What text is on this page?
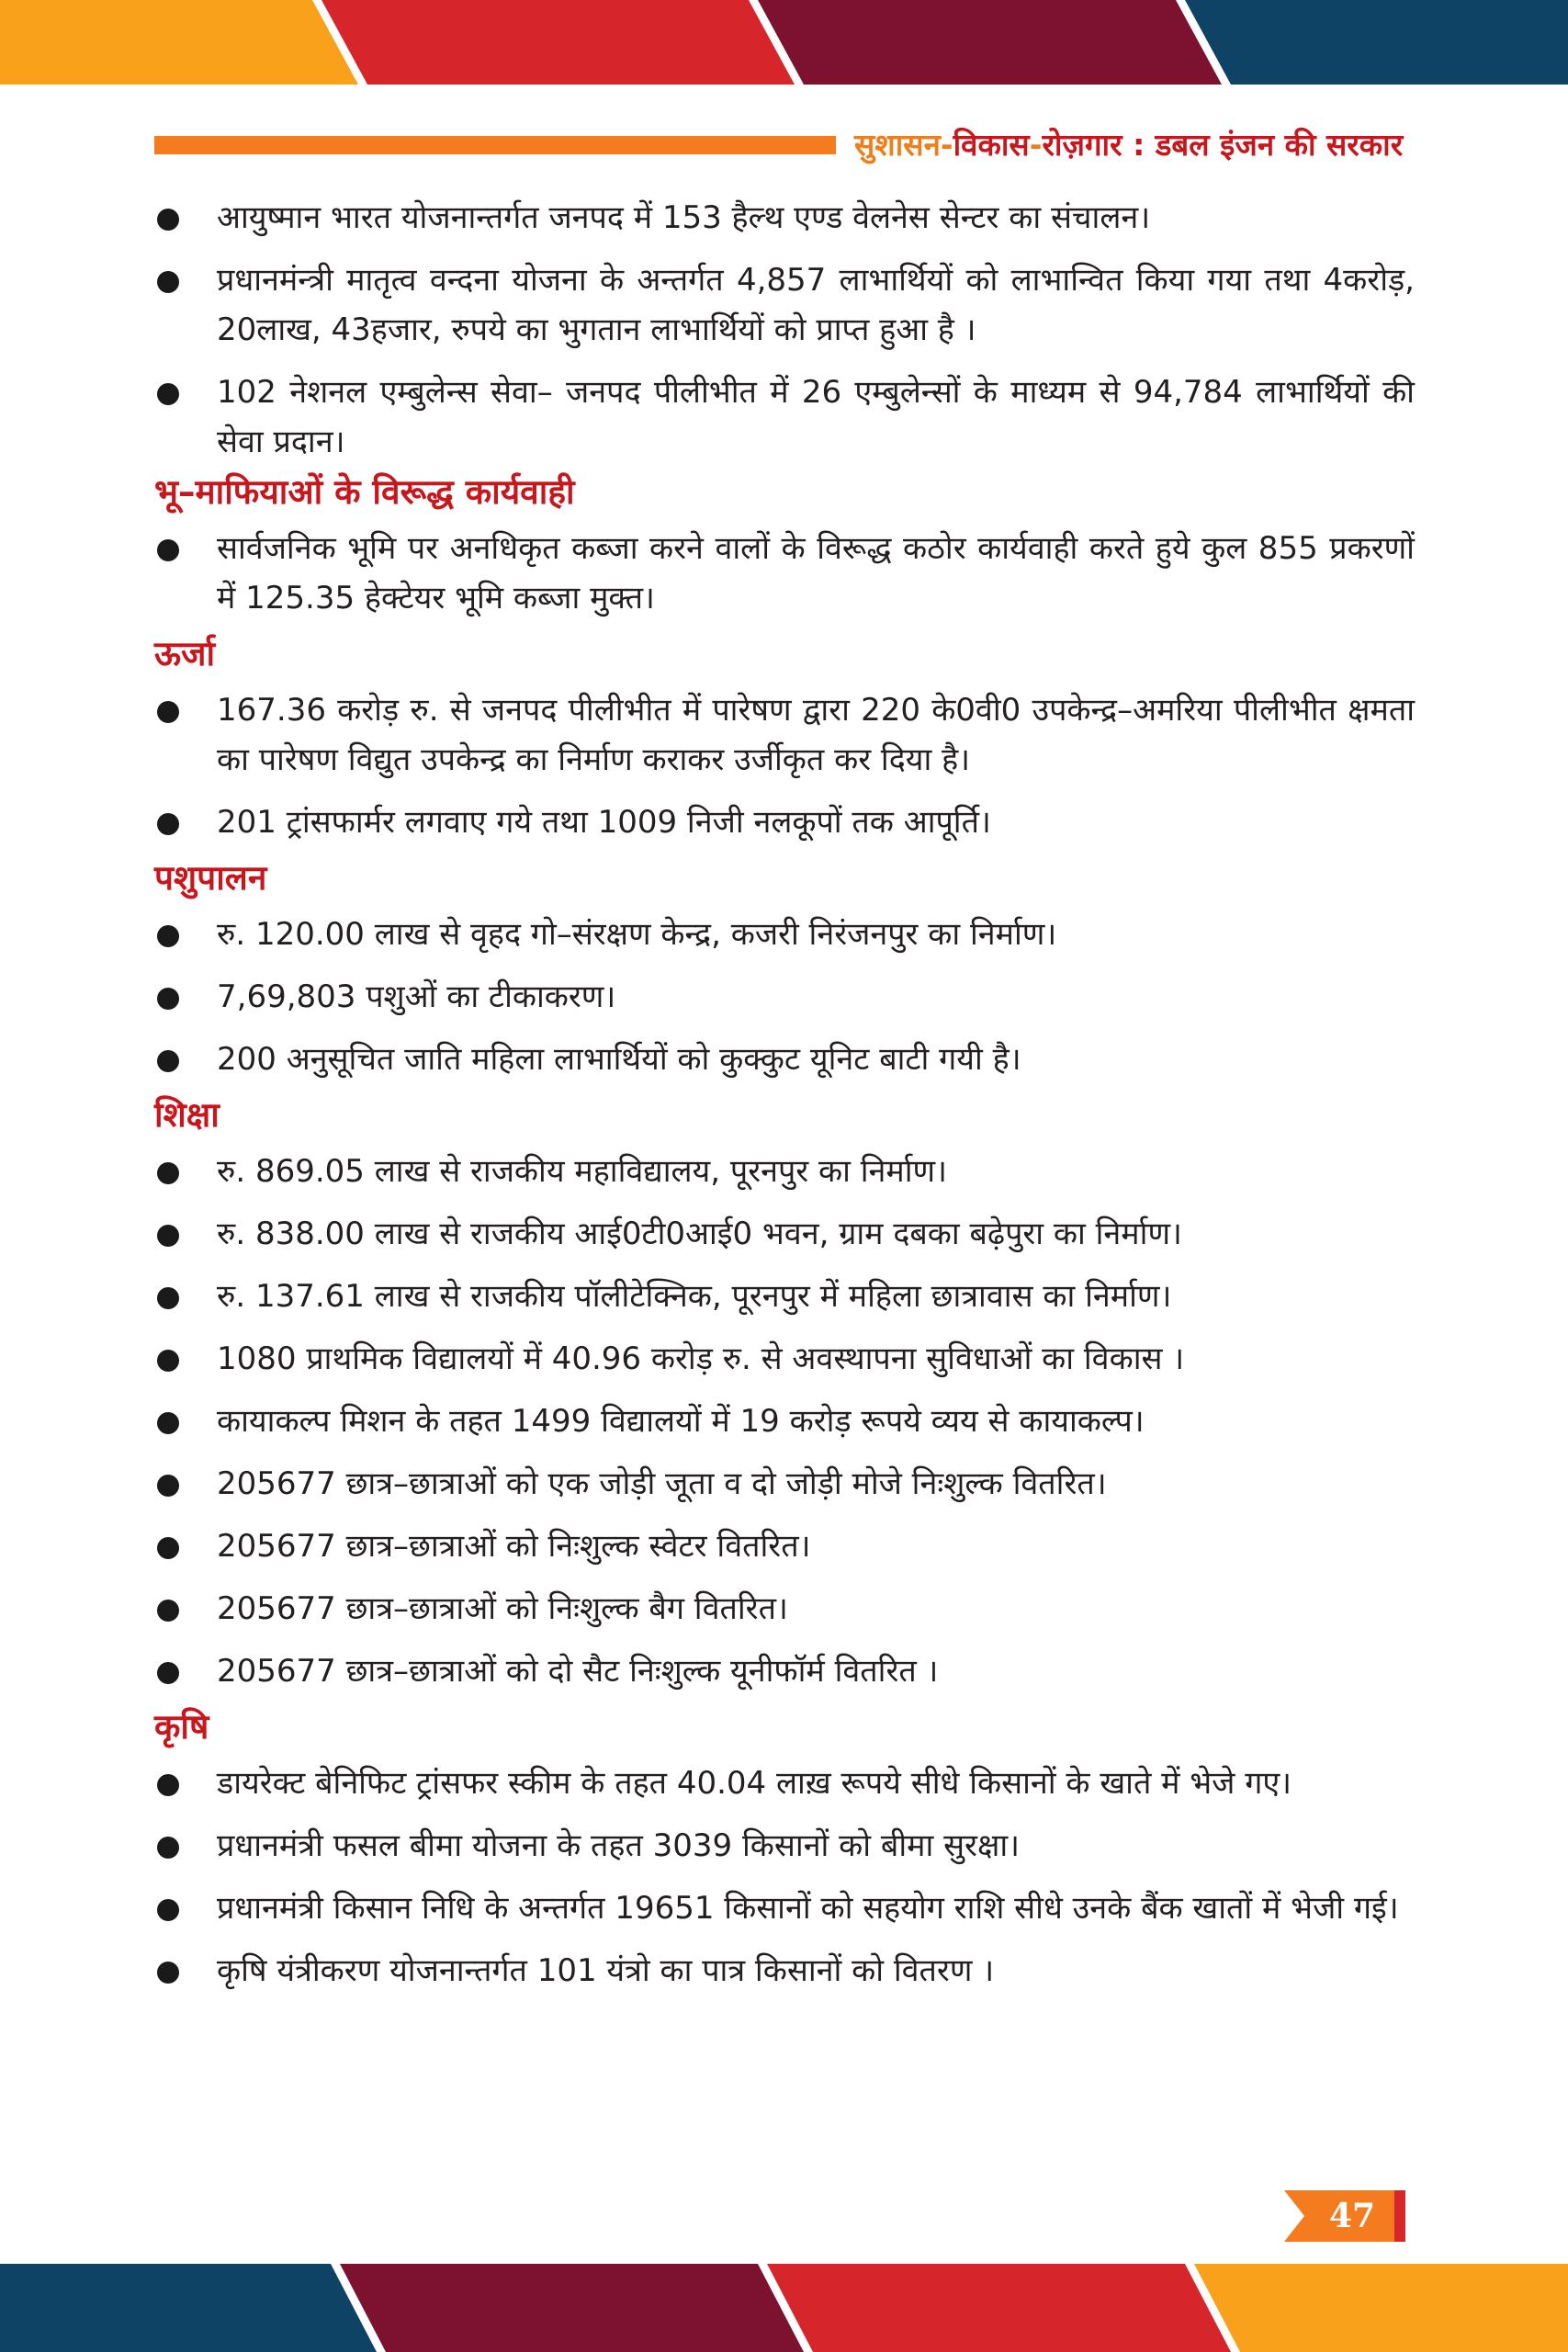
सुशासन-विकास-रोज़गार : डबल इंजन की सरकार
आयुष्मान भारत योजनान्तर्गत जनपद में 153 हैल्थ एण्ड वेलनेस सेन्टर का संचालन।
प्रधानमंन्त्री मातृत्व वन्दना योजना के अन्तर्गत 4,857 लाभार्थियों को लाभान्वित किया गया तथा 4करोड़, 20लाख, 43हजार, रुपये का भुगतान लाभार्थियों को प्राप्त हुआ है ।
102 नेशनल एम्बुलेन्स सेवा– जनपद पीलीभीत में 26 एम्बुलेन्सों के माध्यम से 94,784 लाभार्थियों की सेवा प्रदान।
भू–माफियाओं के विरूद्ध कार्यवाही
सार्वजनिक भूमि पर अनधिकृत कब्जा करने वालों के विरूद्ध कठोर कार्यवाही करते हुये कुल 855 प्रकरणों में 125.35 हेक्टेयर भूमि कब्जा मुक्त।
ऊर्जा
167.36 करोड़ रु. से जनपद पीलीभीत में पारेषण द्वारा 220 के0वी0 उपकेन्द्र–अमरिया पीलीभीत क्षमता का पारेषण विद्युत उपकेन्द्र का निर्माण कराकर उर्जीकृत कर दिया है।
201 ट्रांसफार्मर लगवाए गये तथा 1009 निजी नलकूपों तक आपूर्ति।
पशुपालन
रु. 120.00 लाख से वृहद गो–संरक्षण केन्द्र, कजरी निरंजनपुर का निर्माण।
7,69,803 पशुओं का टीकाकरण।
200 अनुसूचित जाति महिला लाभार्थियों को कुक्कुट यूनिट बाटी गयी है।
शिक्षा
रु. 869.05 लाख से राजकीय महाविद्यालय, पूरनपुर का निर्माण।
रु. 838.00 लाख से राजकीय आई0टी0आई0 भवन, ग्राम दबका बढ़ेपुरा का निर्माण।
रु. 137.61 लाख से राजकीय पॉलीटेक्निक, पूरनपुर में महिला छात्रावास का निर्माण।
1080 प्राथमिक विद्यालयों में 40.96 करोड़ रु. से अवस्थापना सुविधाओं का विकास ।
कायाकल्प मिशन के तहत 1499 विद्यालयों में 19 करोड़ रूपये व्यय से कायाकल्प।
205677 छात्र–छात्राओं को एक जोड़ी जूता व दो जोड़ी मोजे निःशुल्क वितरित।
205677 छात्र–छात्राओं को निःशुल्क स्वेटर वितरित।
205677 छात्र–छात्राओं को निःशुल्क बैग वितरित।
205677 छात्र–छात्राओं को दो सैट निःशुल्क यूनीफॉर्म वितरित ।
कृषि
डायरेक्ट बेनिफिट ट्रांसफर स्कीम के तहत 40.04 लाख़ रूपये सीधे किसानों के खाते में भेजे गए।
प्रधानमंत्री फसल बीमा योजना के तहत 3039 किसानों को बीमा सुरक्षा।
प्रधानमंत्री किसान निधि के अन्तर्गत 19651 किसानों को सहयोग राशि सीधे उनके बैंक खातों में भेजी गई।
कृषि यंत्रीकरण योजनान्तर्गत 101 यंत्रो का पात्र किसानों को वितरण ।
47
